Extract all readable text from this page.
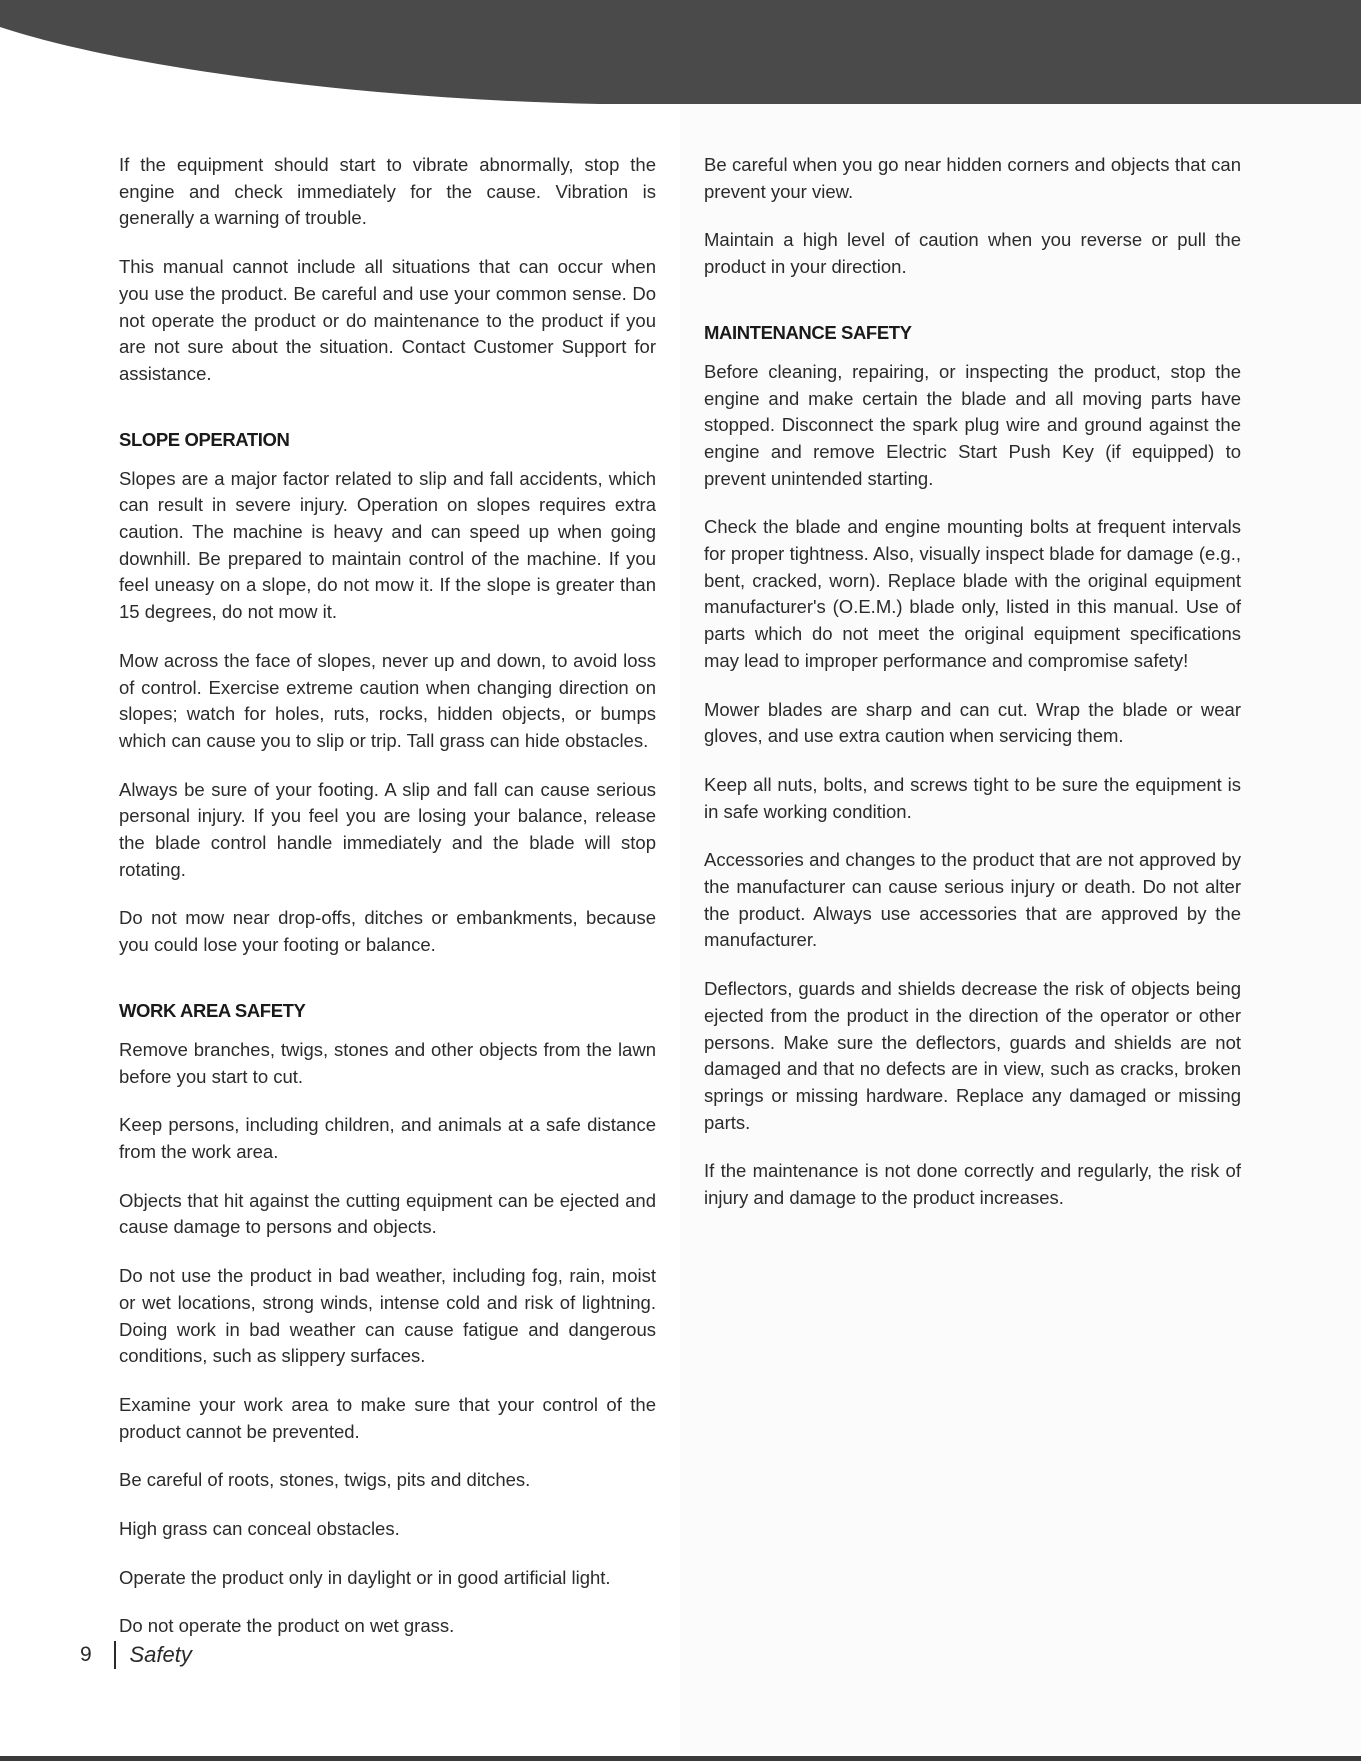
If the equipment should start to vibrate abnormally, stop the engine and check immediately for the cause. Vibration is generally a warning of trouble.

This manual cannot include all situations that can occur when you use the product. Be careful and use your common sense. Do not operate the product or do maintenance to the product if you are not sure about the situation. Contact Customer Support for assistance.

SLOPE OPERATION

Slopes are a major factor related to slip and fall accidents, which can result in severe injury. Operation on slopes requires extra caution. The machine is heavy and can speed up when going downhill. Be prepared to maintain control of the machine. If you feel uneasy on a slope, do not mow it. If the slope is greater than 15 degrees, do not mow it.

Mow across the face of slopes, never up and down, to avoid loss of control. Exercise extreme caution when changing direction on slopes; watch for holes, ruts, rocks, hidden objects, or bumps which can cause you to slip or trip. Tall grass can hide obstacles.

Always be sure of your footing. A slip and fall can cause serious personal injury. If you feel you are losing your balance, release the blade control handle immediately and the blade will stop rotating.

Do not mow near drop-offs, ditches or embankments, because you could lose your footing or balance.

WORK AREA SAFETY

Remove branches, twigs, stones and other objects from the lawn before you start to cut.

Keep persons, including children, and animals at a safe distance from the work area.

Objects that hit against the cutting equipment can be ejected and cause damage to persons and objects.

Do not use the product in bad weather, including fog, rain, moist or wet locations, strong winds, intense cold and risk of lightning. Doing work in bad weather can cause fatigue and dangerous conditions, such as slippery surfaces.

Examine your work area to make sure that your control of the product cannot be prevented.

Be careful of roots, stones, twigs, pits and ditches.

High grass can conceal obstacles.

Operate the product only in daylight or in good artificial light.

Do not operate the product on wet grass.

Be careful when you go near hidden corners and objects that can prevent your view.

Maintain a high level of caution when you reverse or pull the product in your direction.

MAINTENANCE SAFETY

Before cleaning, repairing, or inspecting the product, stop the engine and make certain the blade and all moving parts have stopped. Disconnect the spark plug wire and ground against the engine and remove Electric Start Push Key (if equipped) to prevent unintended starting.

Check the blade and engine mounting bolts at frequent intervals for proper tightness. Also, visually inspect blade for damage (e.g., bent, cracked, worn). Replace blade with the original equipment manufacturer's (O.E.M.) blade only, listed in this manual. Use of parts which do not meet the original equipment specifications may lead to improper performance and compromise safety!

Mower blades are sharp and can cut. Wrap the blade or wear gloves, and use extra caution when servicing them.

Keep all nuts, bolts, and screws tight to be sure the equipment is in safe working condition.

Accessories and changes to the product that are not approved by the manufacturer can cause serious injury or death. Do not alter the product. Always use accessories that are approved by the manufacturer.

Deflectors, guards and shields decrease the risk of objects being ejected from the product in the direction of the operator or other persons. Make sure the deflectors, guards and shields are not damaged and that no defects are in view, such as cracks, broken springs or missing hardware. Replace any damaged or missing parts.

If the maintenance is not done correctly and regularly, the risk of injury and damage to the product increases.

9	Safety
